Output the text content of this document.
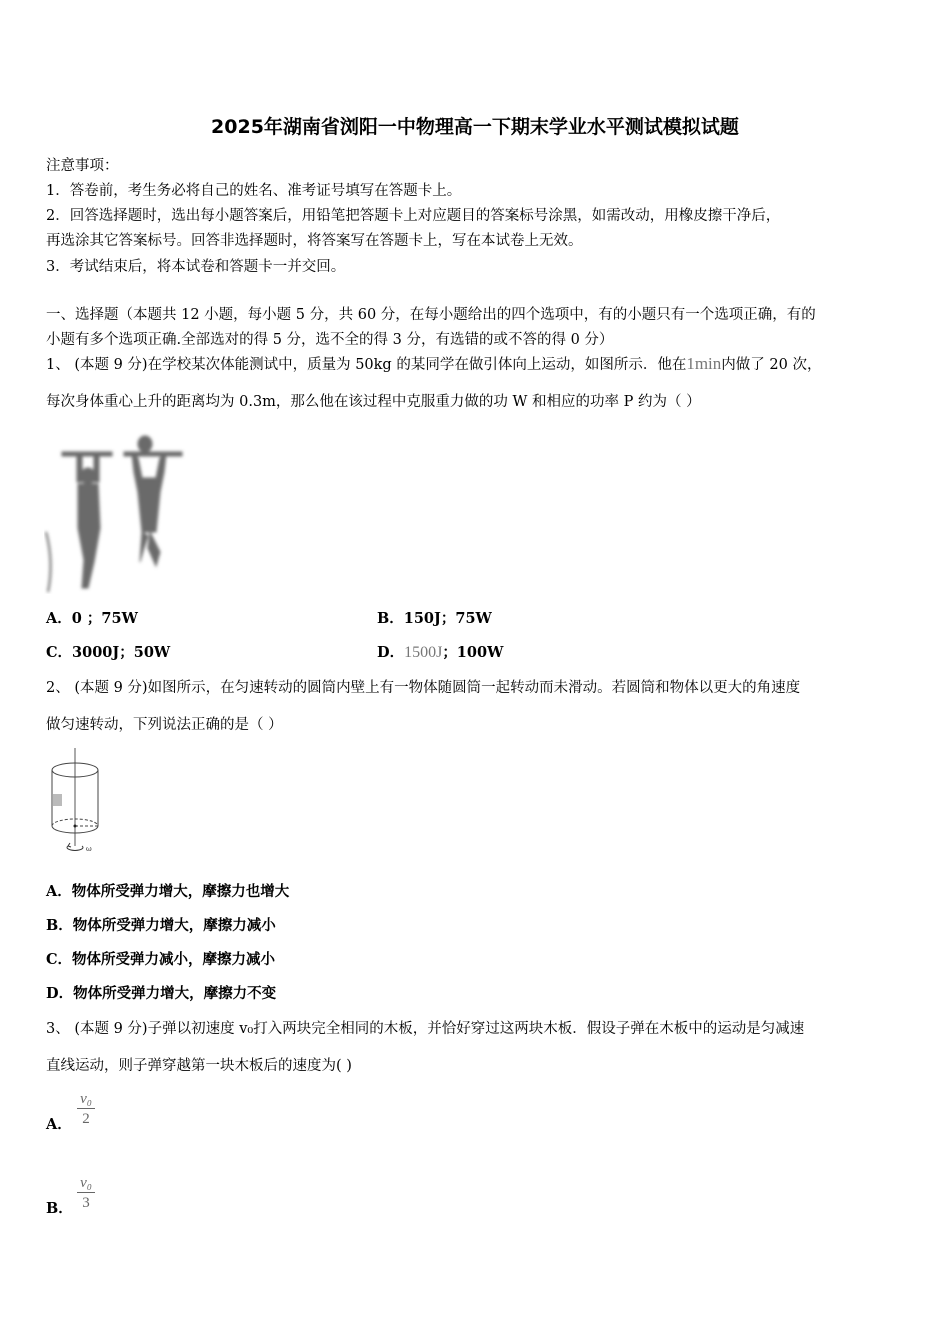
2025年湖南省浏阳一中物理高一下期末学业水平测试模拟试题
注意事项：
1．答卷前，考生务必将自己的姓名、准考证号填写在答题卡上。
2．回答选择题时，选出每小题答案后，用铅笔把答题卡上对应题目的答案标号涂黑，如需改动，用橡皮擦干净后，
再选涂其它答案标号。回答非选择题时，将答案写在答题卡上，写在本试卷上无效。
3．考试结束后，将本试卷和答题卡一并交回。
一、选择题（本题共 12 小题，每小题 5 分，共 60 分，在每小题给出的四个选项中，有的小题只有一个选项正确，有的
小题有多个选项正确.全部选对的得 5 分，选不全的得 3 分，有选错的或不答的得 0 分）
1、 (本题 9 分)在学校某次体能测试中，质量为 50kg 的某同学在做引体向上运动，如图所示．他在1min内做了 20 次，
每次身体重心上升的距离均为 0.3m，那么他在该过程中克服重力做的功 W 和相应的功率 P 约为（ ）
A．0 ；75W	B．150J；75W
C．3000J；50W	D．1500J；100W
2、 (本题 9 分)如图所示，在匀速转动的圆筒内壁上有一物体随圆筒一起转动而未滑动。若圆筒和物体以更大的角速度
做匀速转动，下列说法正确的是（ ）
ω
A．物体所受弹力增大，摩擦力也增大
B．物体所受弹力增大，摩擦力减小
C．物体所受弹力减小，摩擦力减小
D．物体所受弹力增大，摩擦力不变
3、 (本题 9 分)子弹以初速度 v₀打入两块完全相同的木板，并恰好穿过这两块木板．假设子弹在木板中的运动是匀减速
直线运动，则子弹穿越第一块木板后的速度为( )
A．
v₀
2
B．
v₀
3
